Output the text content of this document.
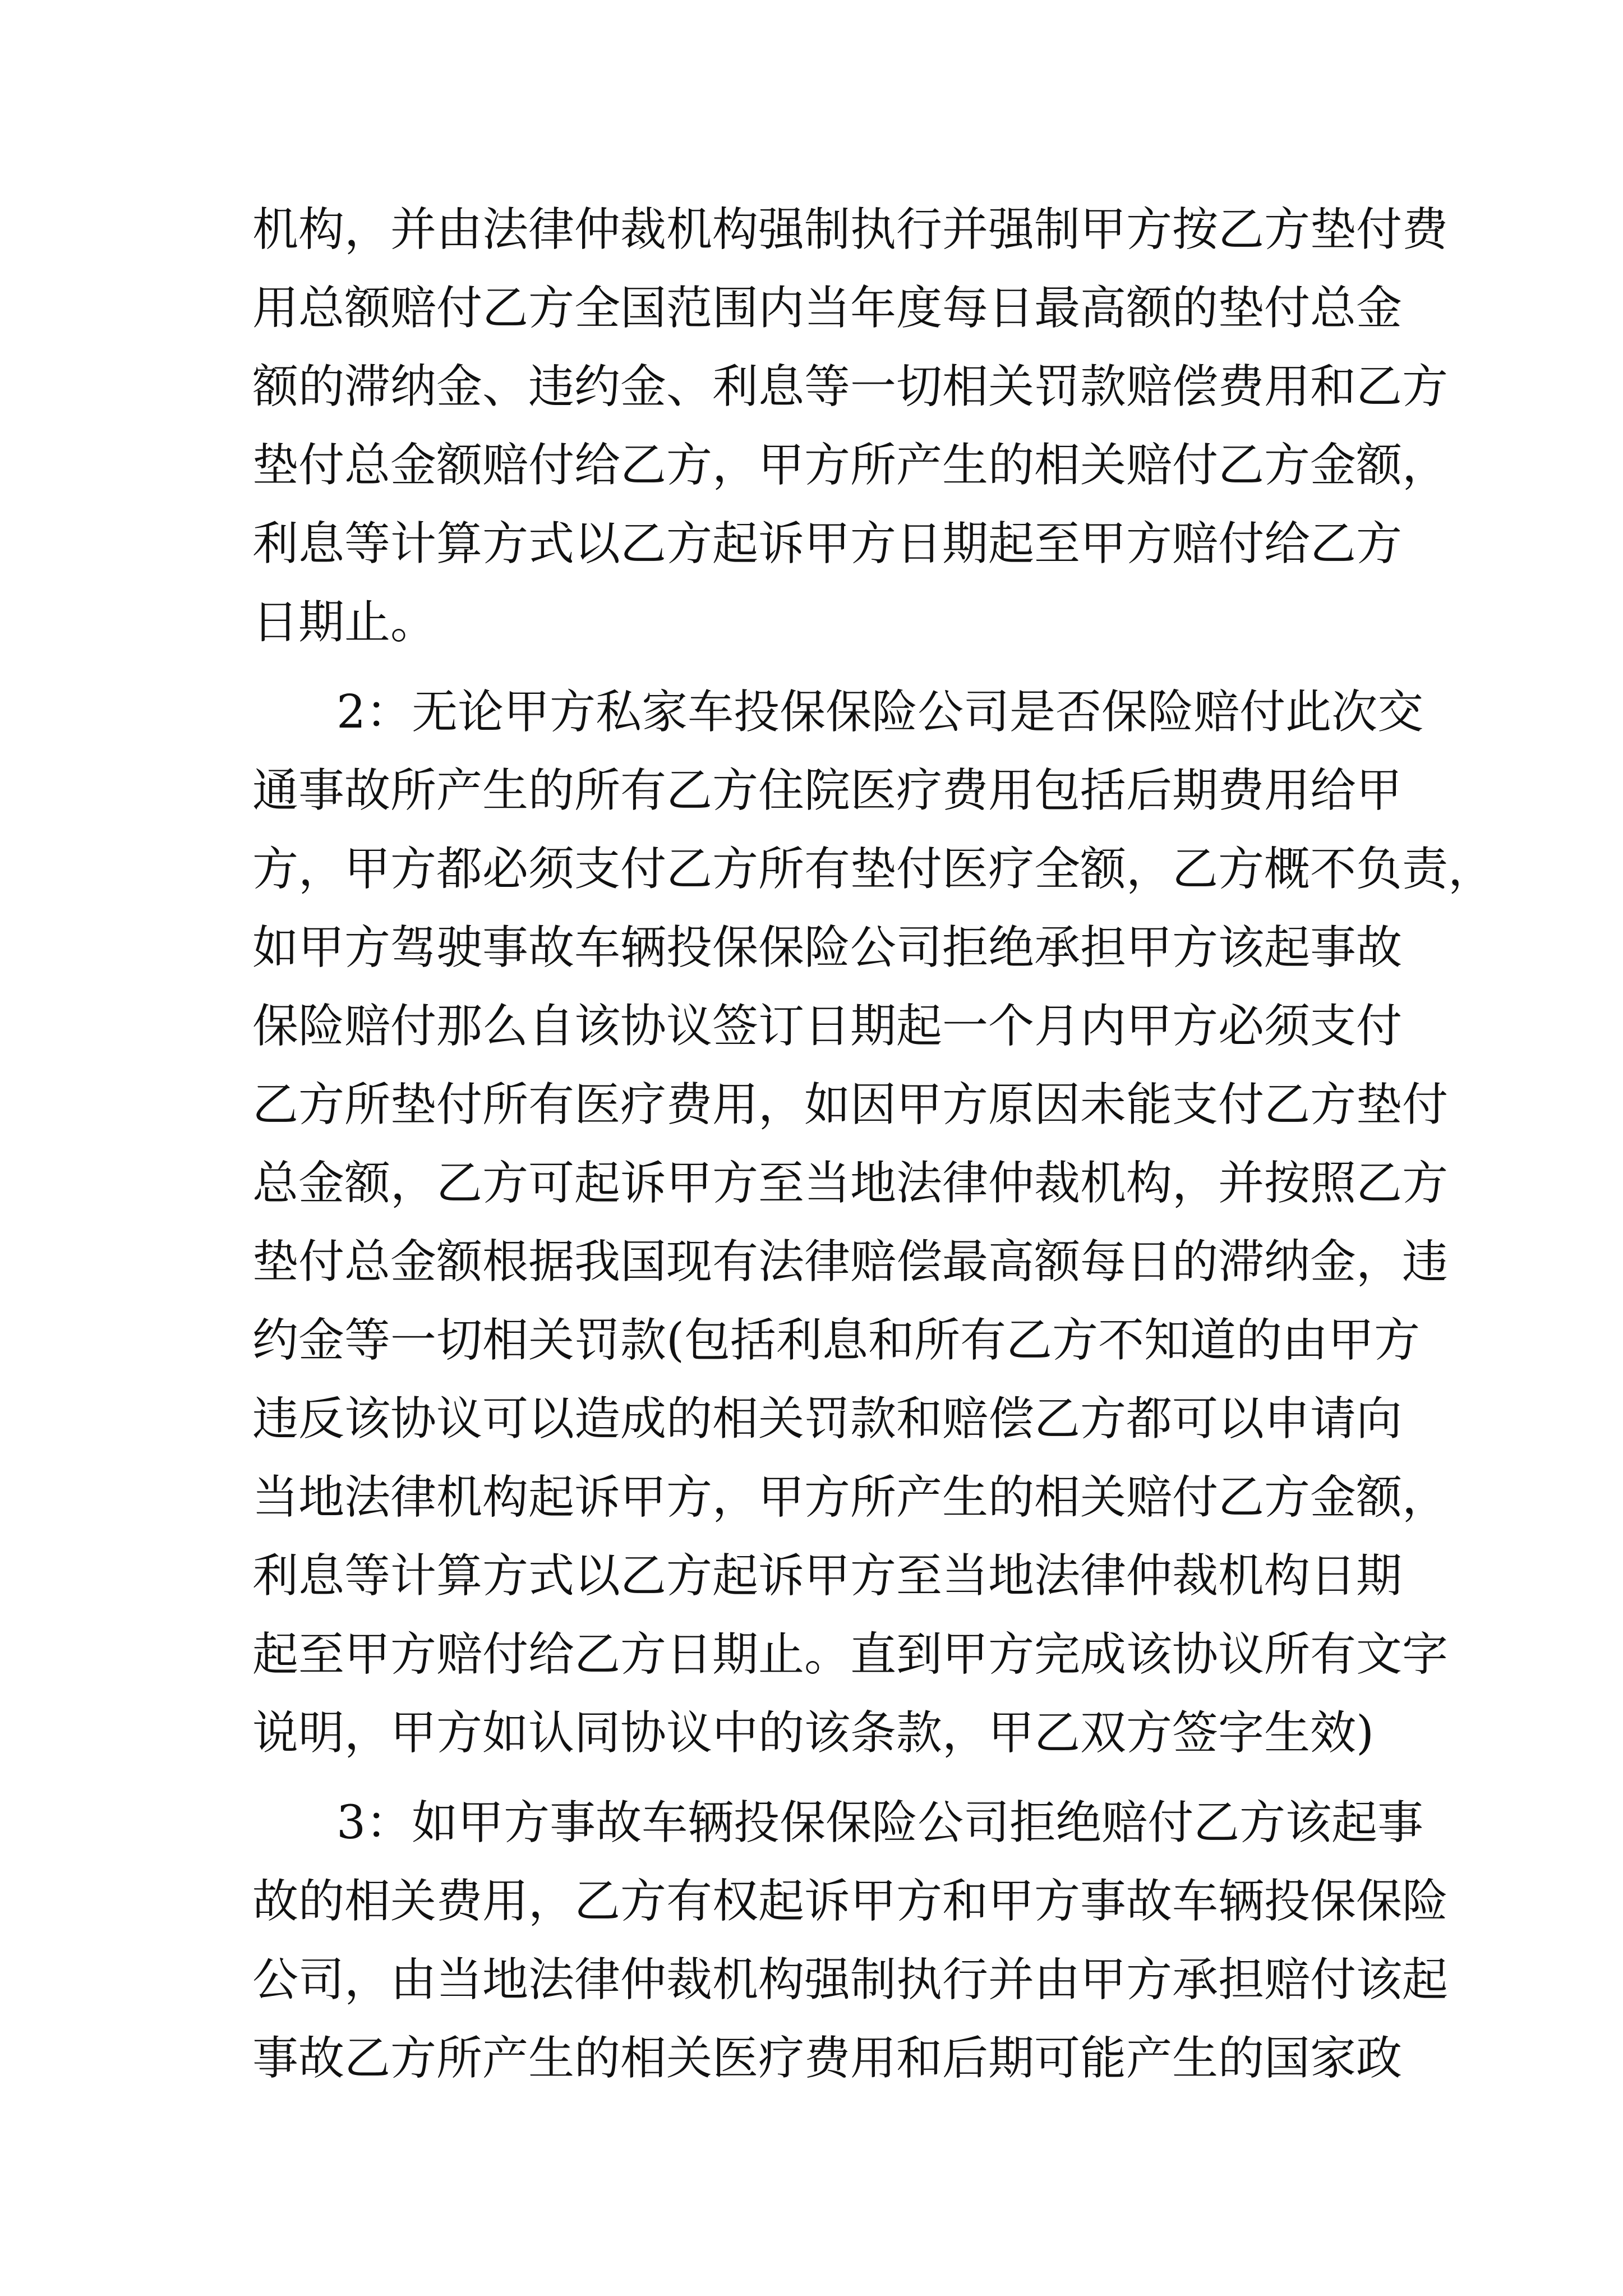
机构，并由法律仲裁机构强制执行并强制甲方按乙方垫付费
用总额赔付乙方全国范围内当年度每日最高额的垫付总金
额的滞纳金、违约金、利息等一切相关罚款赔偿费用和乙方
垫付总金额赔付给乙方，甲方所产生的相关赔付乙方金额，
利息等计算方式以乙方起诉甲方日期起至甲方赔付给乙方
日期止。
2：无论甲方私家车投保保险公司是否保险赔付此次交
通事故所产生的所有乙方住院医疗费用包括后期费用给甲
方，甲方都必须支付乙方所有垫付医疗全额，乙方概不负责，
如甲方驾驶事故车辆投保保险公司拒绝承担甲方该起事故
保险赔付那么自该协议签订日期起一个月内甲方必须支付
乙方所垫付所有医疗费用，如因甲方原因未能支付乙方垫付
总金额，乙方可起诉甲方至当地法律仲裁机构，并按照乙方
垫付总金额根据我国现有法律赔偿最高额每日的滞纳金，违
约金等一切相关罚款(包括利息和所有乙方不知道的由甲方
违反该协议可以造成的相关罚款和赔偿乙方都可以申请向
当地法律机构起诉甲方，甲方所产生的相关赔付乙方金额，
利息等计算方式以乙方起诉甲方至当地法律仲裁机构日期
起至甲方赔付给乙方日期止。直到甲方完成该协议所有文字
说明，甲方如认同协议中的该条款，甲乙双方签字生效)
3：如甲方事故车辆投保保险公司拒绝赔付乙方该起事
故的相关费用，乙方有权起诉甲方和甲方事故车辆投保保险
公司，由当地法律仲裁机构强制执行并由甲方承担赔付该起
事故乙方所产生的相关医疗费用和后期可能产生的国家政
